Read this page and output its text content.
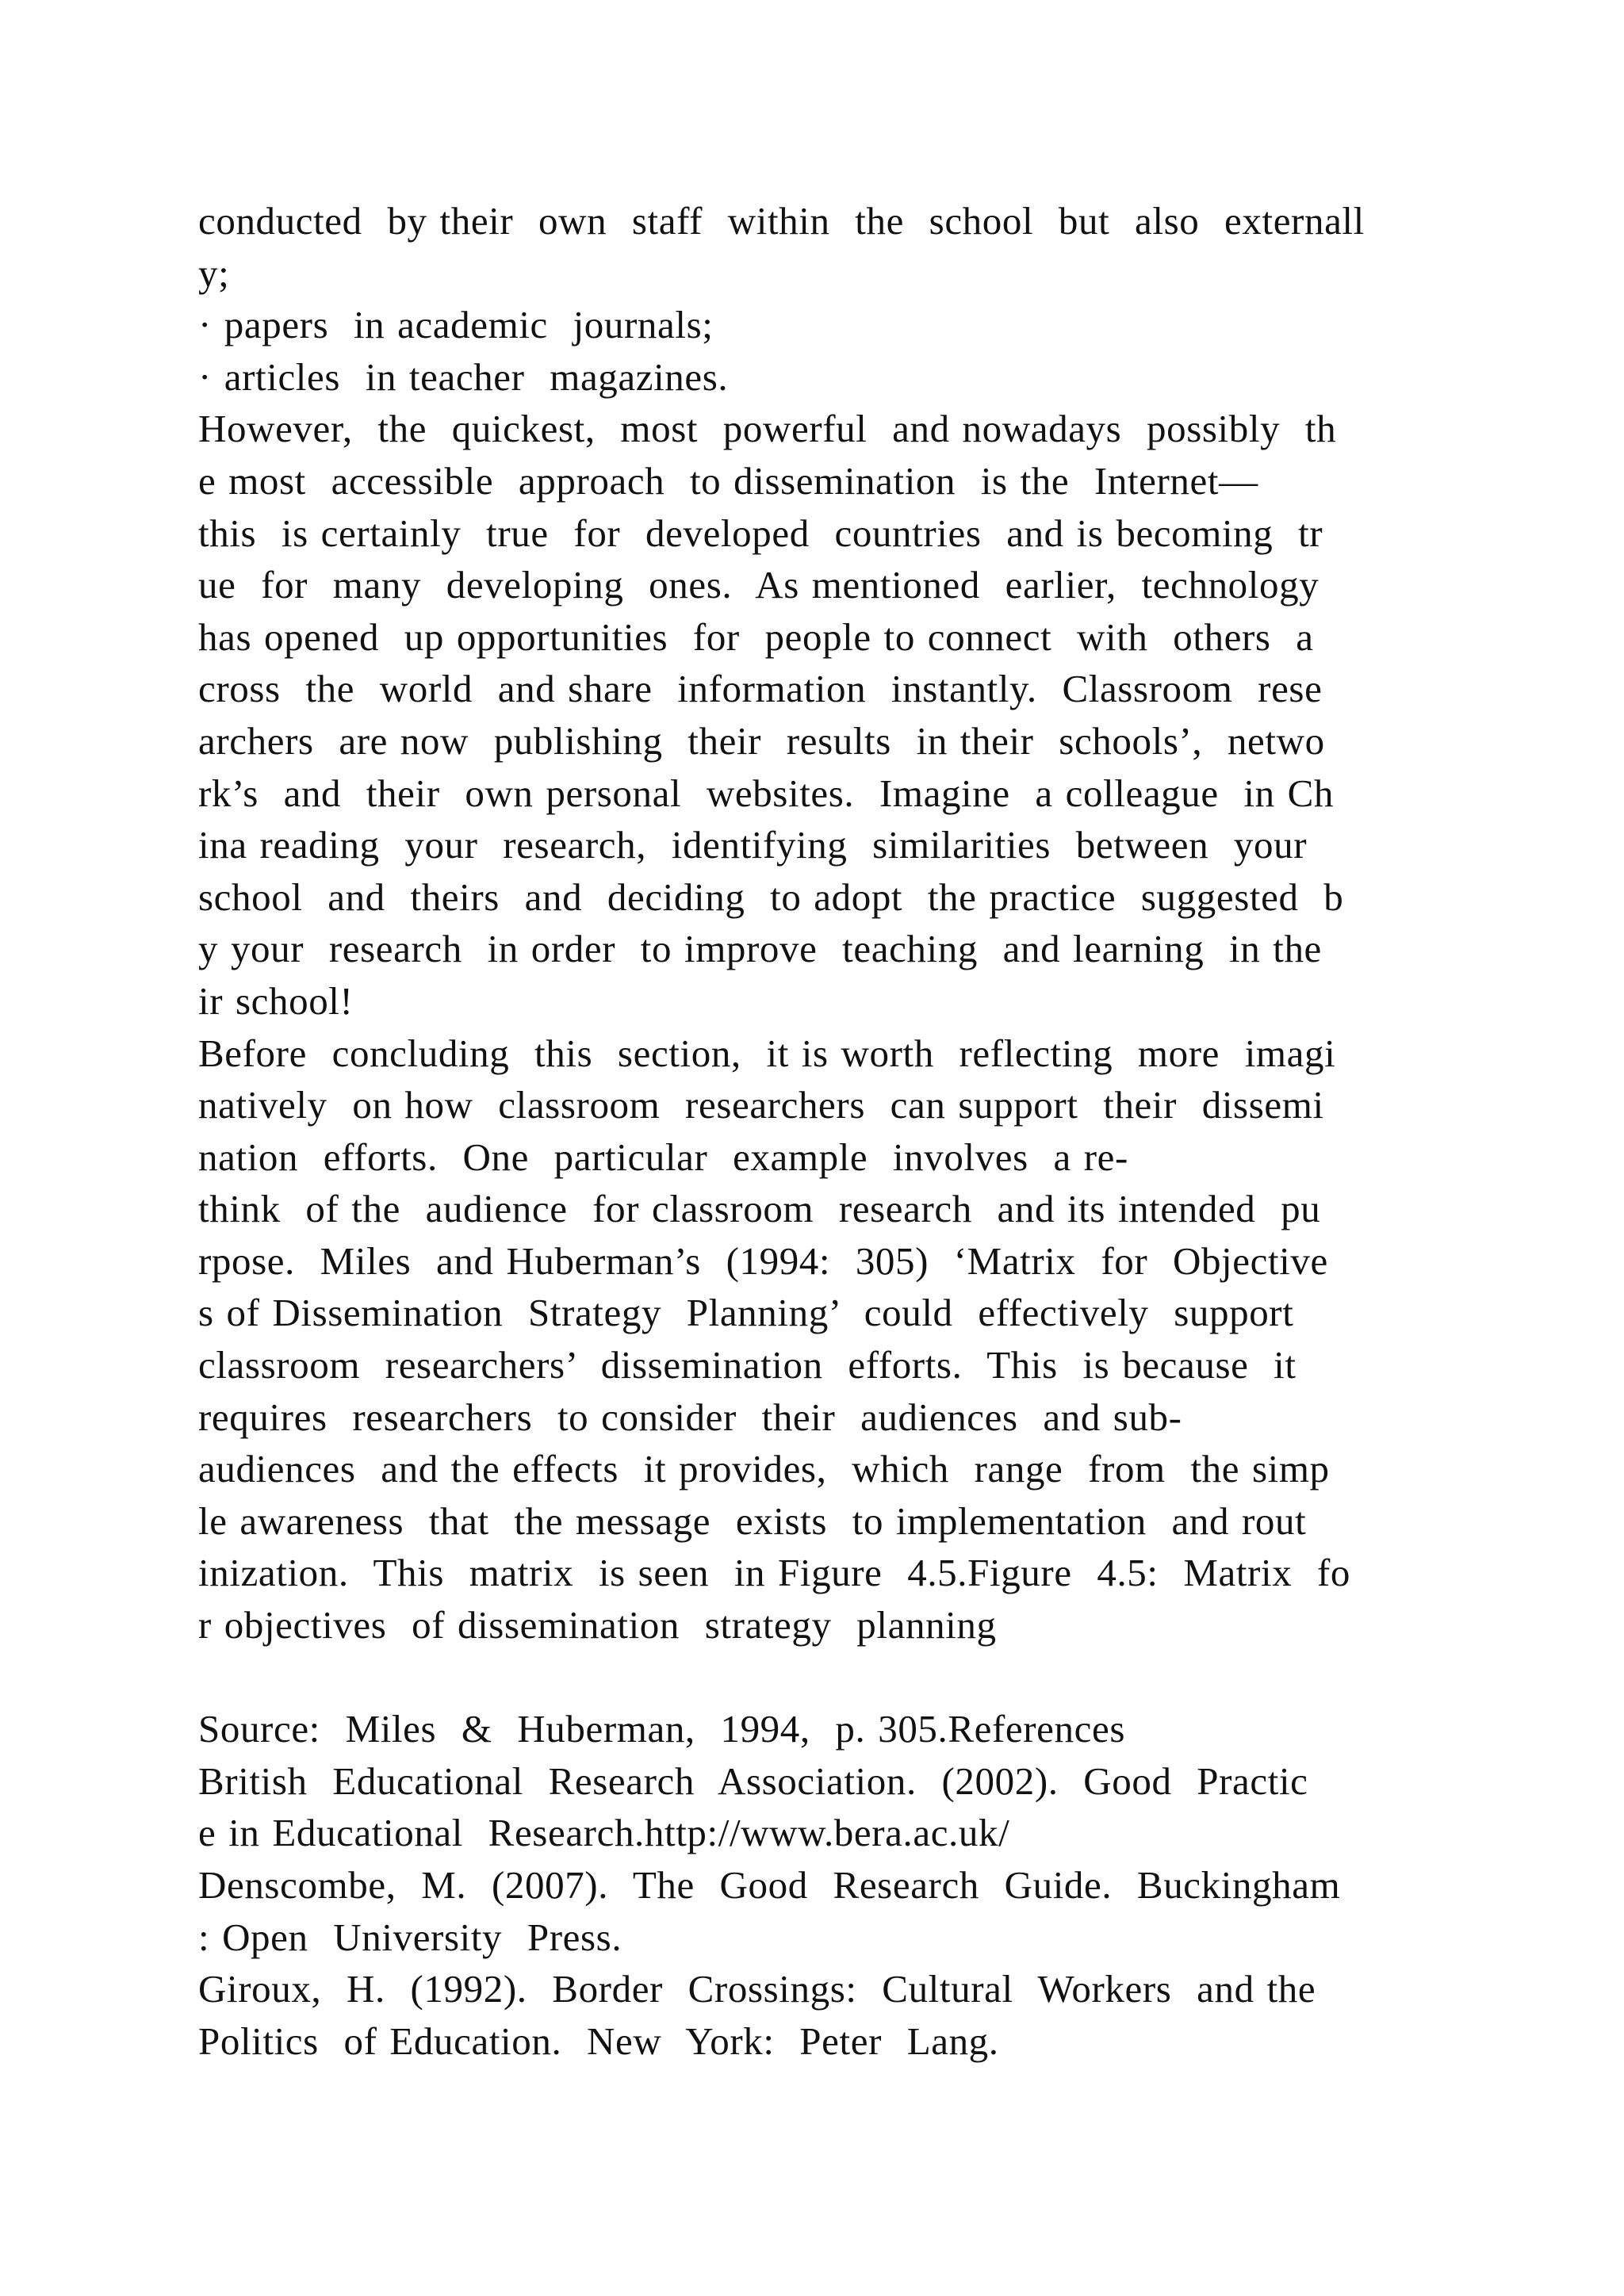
conducted  by their  own  staff  within  the  school  but  also  externall
y;
· papers  in academic  journals;
· articles  in teacher  magazines.
However,  the  quickest,  most  powerful  and nowadays  possibly  th
e most  accessible  approach  to dissemination  is the  Internet—
this  is certainly  true  for  developed  countries  and is becoming  tr
ue  for  many  developing  ones.  As mentioned  earlier,  technology
has opened  up opportunities  for  people to connect  with  others  a
cross  the  world  and share  information  instantly.  Classroom  rese
archers  are now  publishing  their  results  in their  schools’,  netwo
rk’s  and  their  own personal  websites.  Imagine  a colleague  in Ch
ina reading  your  research,  identifying  similarities  between  your
school  and  theirs  and  deciding  to adopt  the practice  suggested  b
y your  research  in order  to improve  teaching  and learning  in the
ir school!
Before  concluding  this  section,  it is worth  reflecting  more  imagi
natively  on how  classroom  researchers  can support  their  dissemi
nation  efforts.  One  particular  example  involves  a re-
think  of the  audience  for classroom  research  and its intended  pu
rpose.  Miles  and Huberman’s  (1994:  305)  ‘Matrix  for  Objective
s of Dissemination  Strategy  Planning’  could  effectively  support
classroom  researchers’  dissemination  efforts.  This  is because  it
requires  researchers  to consider  their  audiences  and sub-
audiences  and the effects  it provides,  which  range  from  the simp
le awareness  that  the message  exists  to implementation  and rout
inization.  This  matrix  is seen  in Figure  4.5.Figure  4.5:  Matrix  fo
r objectives  of dissemination  strategy  planning
Source:  Miles  &  Huberman,  1994,  p. 305.References
British  Educational  Research  Association.  (2002).  Good  Practic
e in Educational  Research.http://www.bera.ac.uk/
Denscombe,  M.  (2007).  The  Good  Research  Guide.  Buckingham
: Open  University  Press.
Giroux,  H.  (1992).  Border  Crossings:  Cultural  Workers  and the
Politics  of Education.  New  York:  Peter  Lang.
